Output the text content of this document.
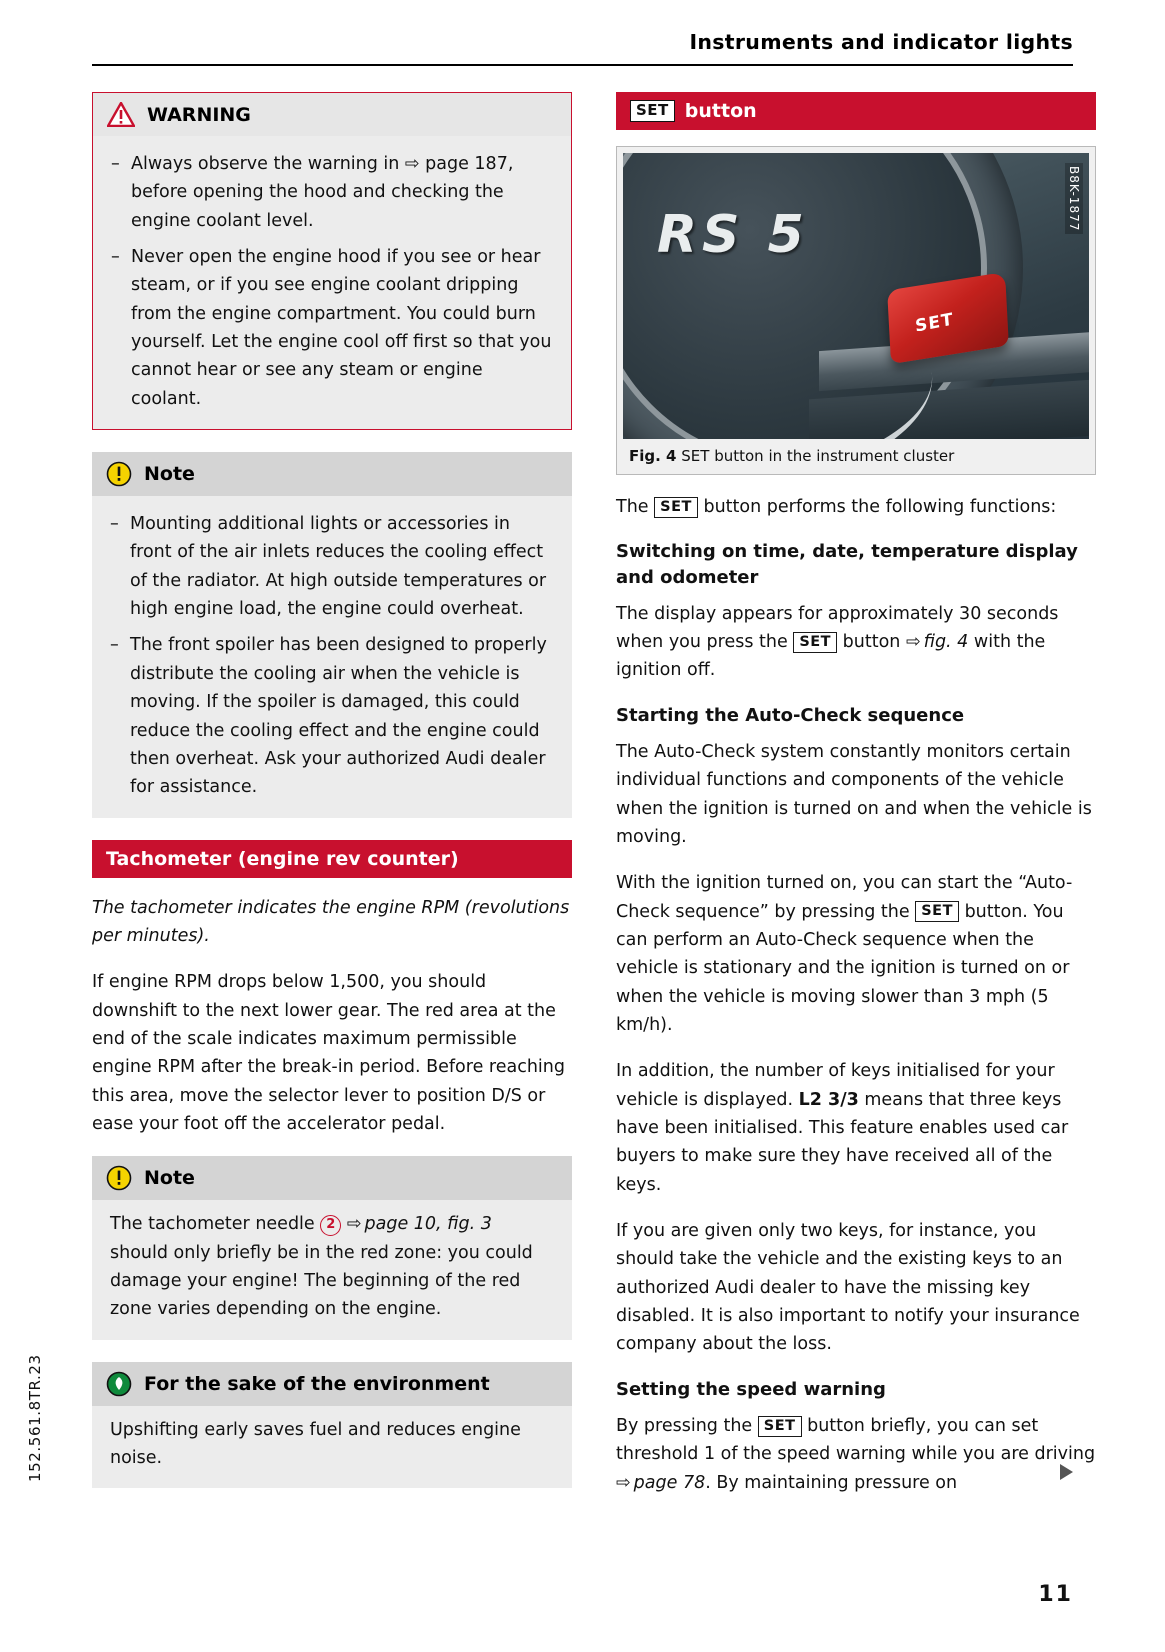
Instruments and indicator lights
152.561.8TR.23
WARNING
– Always observe the warning in ⇨ page 187, before opening the hood and checking the engine coolant level.
– Never open the engine hood if you see or hear steam, or if you see engine coolant dripping from the engine compartment. You could burn yourself. Let the engine cool off first so that you cannot hear or see any steam or engine coolant.
Note
– Mounting additional lights or accessories in front of the air inlets reduces the cooling effect of the radiator. At high outside temperatures or high engine load, the engine could overheat.
– The front spoiler has been designed to properly distribute the cooling air when the vehicle is moving. If the spoiler is damaged, this could reduce the cooling effect and the engine could then overheat. Ask your authorized Audi dealer for assistance.
Tachometer (engine rev counter)

The tachometer indicates the engine RPM (revolutions per minutes).

If engine RPM drops below 1,500, you should downshift to the next lower gear. The red area at the end of the scale indicates maximum permissible engine RPM after the break-in period. Before reaching this area, move the selector lever to position D/S or ease your foot off the accelerator pedal.

Note
The tachometer needle 2 ⇨ page 10, fig. 3 should only briefly be in the red zone: you could damage your engine! The beginning of the red zone varies depending on the engine.
For the sake of the environment
Upshifting early saves fuel and reduces engine noise.
SET button
RS 5
SET
B8K-1877
Fig. 4 SET button in the instrument cluster

The SET button performs the following functions:

Switching on time, date, temperature display and odometer

The display appears for approximately 30 seconds when you press the SET button ⇨ fig. 4 with the ignition off.

Starting the Auto-Check sequence

The Auto-Check system constantly monitors certain individual functions and components of the vehicle when the ignition is turned on and when the vehicle is moving.

With the ignition turned on, you can start the “Auto-Check sequence” by pressing the SET button. You can perform an Auto-Check sequence when the vehicle is stationary and the ignition is turned on or when the vehicle is moving slower than 3 mph (5 km/h).

In addition, the number of keys initialised for your vehicle is displayed. L2 3/3 means that three keys have been initialised. This feature enables used car buyers to make sure they have received all of the keys.

If you are given only two keys, for instance, you should take the vehicle and the existing keys to an authorized Audi dealer to have the missing key disabled. It is also important to notify your insurance company about the loss.

Setting the speed warning

By pressing the SET button briefly, you can set threshold 1 of the speed warning while you are driving ⇨ page 78. By maintaining pressure on

11
